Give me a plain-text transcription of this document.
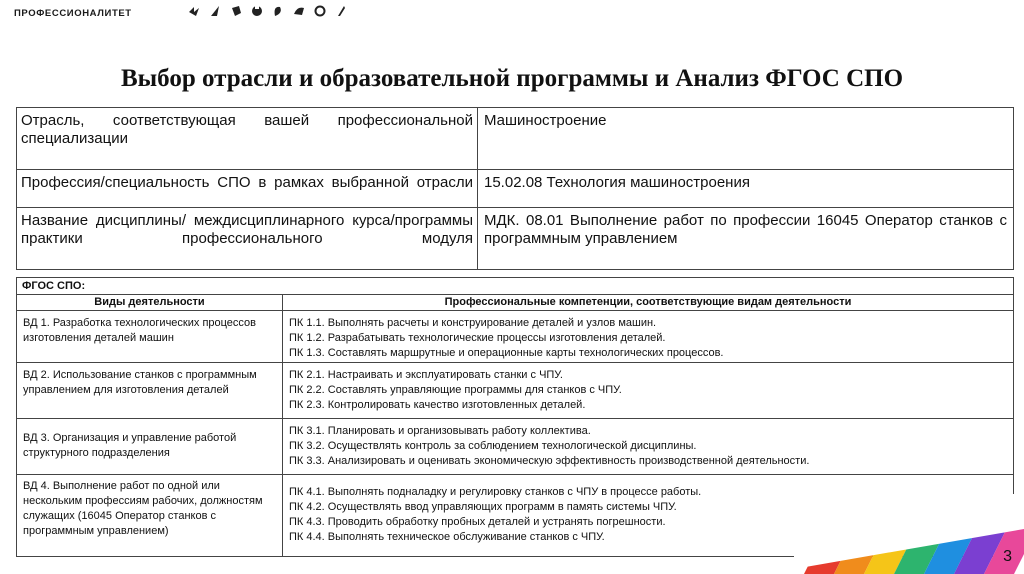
ПРОФЕССИОНАЛИТЕТ
Выбор отрасли и образовательной программы и Анализ ФГОС СПО
Отрасль, соответствующая вашей профессиональной специализации	Машиностроение
Профессия/специальность СПО в рамках выбранной отрасли	15.02.08 Технология машиностроения
Название дисциплины/ междисциплинарного курса/программы практики профессионального модуля	МДК. 08.01 Выполнение работ по профессии 16045 Оператор станков с программным управлением
ФГОС СПО:	
Виды деятельности	Профессиональные компетенции, соответствующие видам деятельности
ВД 1. Разработка технологических процессов изготовления деталей машин	ПК 1.1. Выполнять расчеты и конструирование деталей и узлов машин.
ПК 1.2. Разрабатывать технологические процессы изготовления деталей.
ПК 1.3. Составлять маршрутные и операционные карты технологических процессов.

ВД 2. Использование станков с программным управлением для изготовления деталей	ПК 2.1. Настраивать и эксплуатировать станки с ЧПУ.
ПК 2.2. Составлять управляющие программы для станков с ЧПУ.
ПК 2.3. Контролировать качество изготовленных деталей.

ВД 3. Организация и управление работой структурного подразделения	ПК 3.1. Планировать и организовывать работу коллектива.
ПК 3.2. Осуществлять контроль за соблюдением технологической дисциплины.
ПК 3.3. Анализировать и оценивать экономическую эффективность производственной деятельности.

ВД 4. Выполнение работ по одной или нескольким профессиям рабочих, должностям служащих (16045 Оператор станков с программным управлением)	ПК 4.1. Выполнять подналадку и регулировку станков с ЧПУ в процессе работы.
ПК 4.2. Осуществлять ввод управляющих программ в память системы ЧПУ.
ПК 4.3. Проводить обработку пробных деталей и устранять погрешности.
ПК 4.4. Выполнять техническое обслуживание станков с ЧПУ.
3
